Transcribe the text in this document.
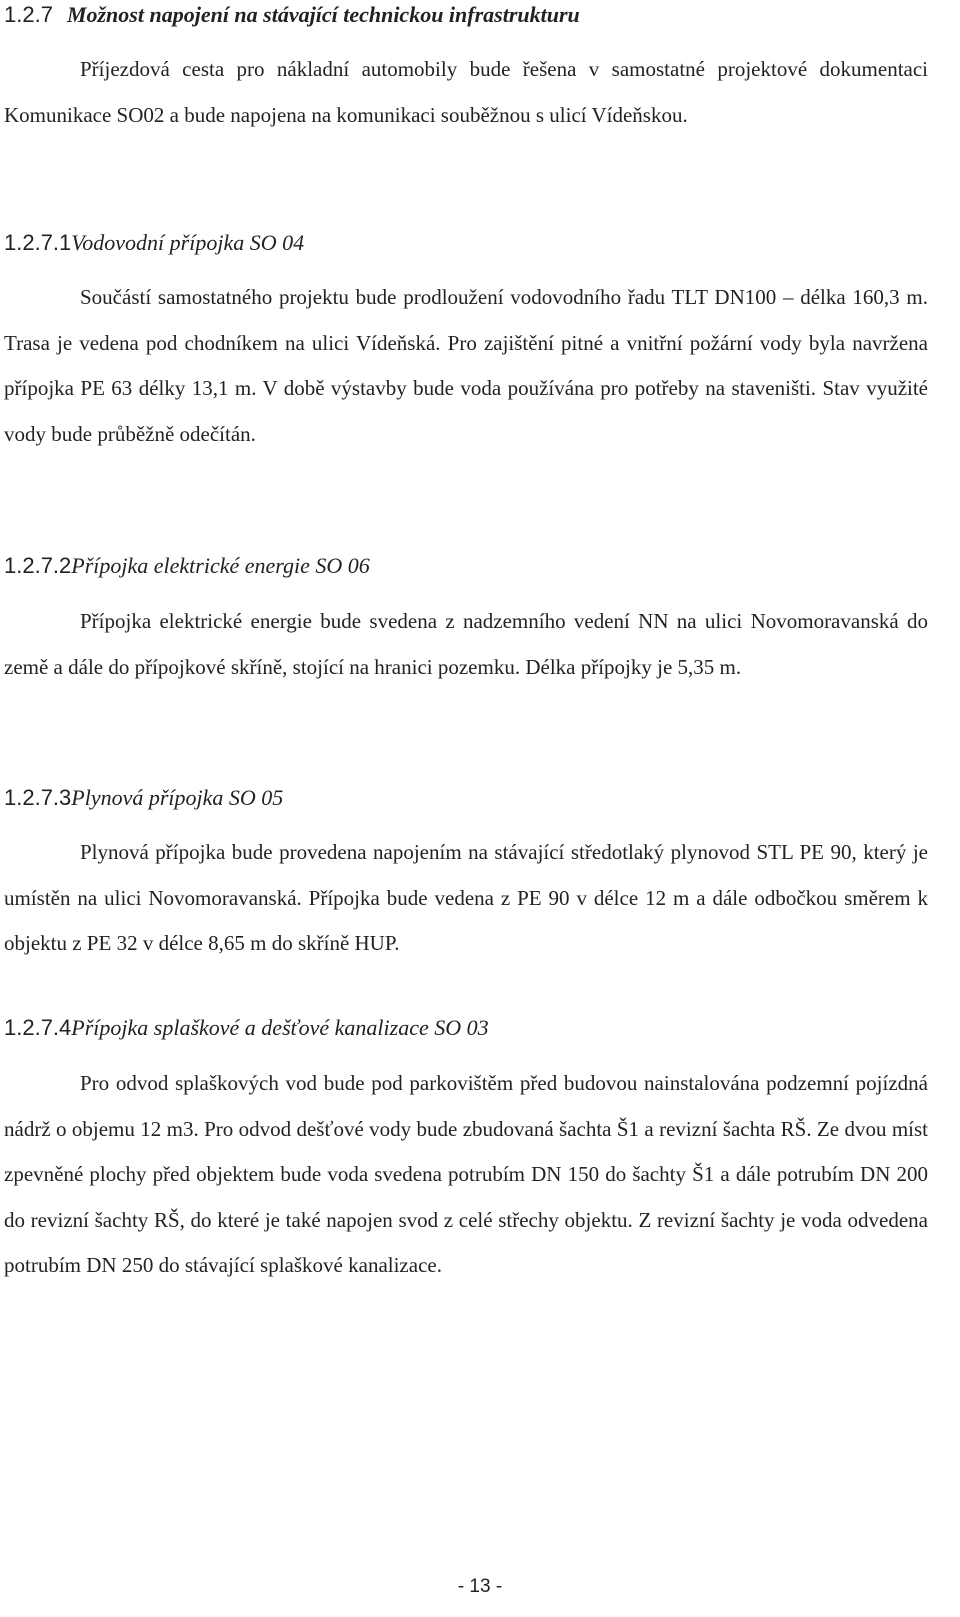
1.2.7 Možnost napojení na stávající technickou infrastrukturu

Příjezdová cesta pro nákladní automobily bude řešena v samostatné projektové dokumentaci Komunikace SO02 a bude napojena na komunikaci souběžnou s ulicí Vídeňskou.

1.2.7.1Vodovodní přípojka SO 04

Součástí samostatného projektu bude prodloužení vodovodního řadu TLT DN100 – délka 160,3 m. Trasa je vedena pod chodníkem na ulici Vídeňská. Pro zajištění pitné a vnitřní požární vody byla navržena přípojka PE 63 délky 13,1 m. V době výstavby bude voda používána pro potřeby na staveništi. Stav využité vody bude průběžně odečítán.

1.2.7.2Přípojka elektrické energie SO 06

Přípojka elektrické energie bude svedena z nadzemního vedení NN na ulici Novomoravanská do země a dále do přípojkové skříně, stojící na hranici pozemku. Délka přípojky je 5,35 m.

1.2.7.3Plynová přípojka SO 05

Plynová přípojka bude provedena napojením na stávající středotlaký plynovod STL PE 90, který je umístěn na ulici Novomoravanská. Přípojka bude vedena z PE 90 v délce 12 m a dále odbočkou směrem k objektu z PE 32 v délce 8,65 m do skříně HUP.

1.2.7.4Přípojka splaškové a dešťové kanalizace SO 03

Pro odvod splaškových vod bude pod parkovištěm před budovou nainstalována podzemní pojízdná nádrž o objemu 12 m3. Pro odvod dešťové vody bude zbudovaná šachta Š1 a revizní šachta RŠ. Ze dvou míst zpevněné plochy před objektem bude voda svedena potrubím DN 150 do šachty Š1 a dále potrubím DN 200 do revizní šachty RŠ, do které je také napojen svod z celé střechy objektu. Z revizní šachty je voda odvedena potrubím DN 250 do stávající splaškové kanalizace.

- 13 -
